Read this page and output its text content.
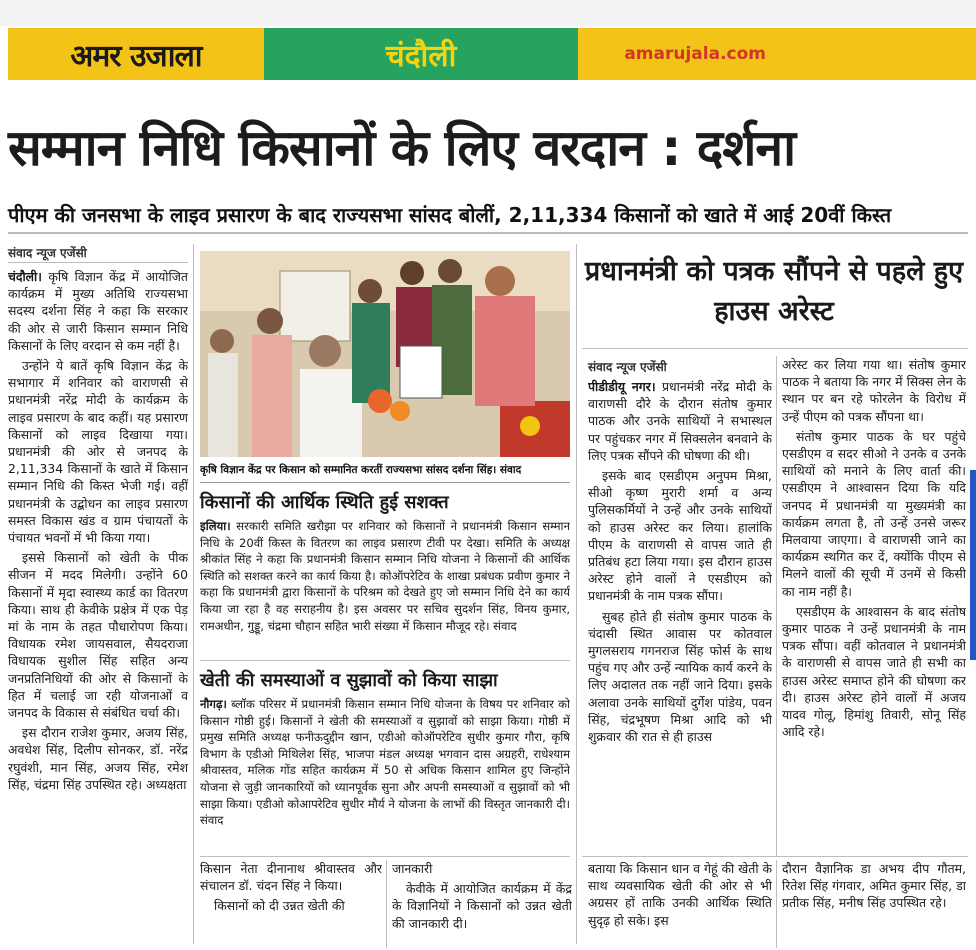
अमर उजाला	चंदौली	amarujala.com
सम्मान निधि किसानों के लिए वरदान : दर्शना
पीएम की जनसभा के लाइव प्रसारण के बाद राज्यसभा सांसद बोलीं, 2,11,334 किसानों को खाते में आई 20वीं किस्त
संवाद न्यूज एजेंसी

चंदौली। कृषि विज्ञान केंद्र में आयोजित कार्यक्रम में मुख्य अतिथि राज्यसभा सदस्य दर्शना सिंह ने कहा कि सरकार की ओर से जारी किसान सम्मान निधि किसानों के लिए वरदान से कम नहीं है।

उन्होंने ये बातें कृषि विज्ञान केंद्र के सभागार में शनिवार को वाराणसी से प्रधानमंत्री नरेंद्र मोदी के कार्यक्रम के लाइव प्रसारण के बाद कहीं। यह प्रसारण किसानों को लाइव दिखाया गया। प्रधानमंत्री की ओर से जनपद के 2,11,334 किसानों के खाते में किसान सम्मान निधि की किस्त भेजी गई। वहीं प्रधानमंत्री के उद्बोधन का लाइव प्रसारण समस्त विकास खंड व ग्राम पंचायतों के पंचायत भवनों में भी किया गया।

इससे किसानों को खेती के पीक सीजन में मदद मिलेगी। उन्होंने 60 किसानों में मृदा स्वास्थ्य कार्ड का वितरण किया। साथ ही केवीके प्रक्षेत्र में एक पेड़ मां के नाम के तहत पौधारोपण किया। विधायक रमेश जायसवाल, सैयदराजा विधायक सुशील सिंह सहित अन्य जनप्रतिनिधियों की ओर से किसानों के हित में चलाई जा रही योजनाओं व जनपद के विकास से संबंधित चर्चा की।

इस दौरान राजेश कुमार, अजय सिंह, अवधेश सिंह, दिलीप सोनकर, डॉ. नरेंद्र रघुवंशी, मान सिंह, अजय सिंह, रमेश सिंह, चंद्रमा सिंह उपस्थित रहे। अध्यक्षता

कृषि विज्ञान केंद्र पर किसान को सम्मानित करतीं राज्यसभा सांसद दर्शना सिंह। संवाद
किसानों की आर्थिक स्थिति हुई सशक्त

इलिया। सरकारी समिति खरौझा पर शनिवार को किसानों ने प्रधानमंत्री किसान सम्मान निधि के 20वीं किस्त के वितरण का लाइव प्रसारण टीवी पर देखा। समिति के अध्यक्ष श्रीकांत सिंह ने कहा कि प्रधानमंत्री किसान सम्मान निधि योजना ने किसानों की आर्थिक स्थिति को सशक्त करने का कार्य किया है। कोऑपरेटिव के शाखा प्रबंधक प्रवीण कुमार ने कहा कि प्रधानमंत्री द्वारा किसानों के परिश्रम को देखते हुए जो सम्मान निधि देने का कार्य किया जा रहा है वह सराहनीय है। इस अवसर पर सचिव सुदर्शन सिंह, विनय कुमार, रामअधीन, गुड्डू, चंद्रमा चौहान सहित भारी संख्या में किसान मौजूद रहे। संवाद

खेती की समस्याओं व सुझावों को किया साझा

नौगढ़। ब्लॉक परिसर में प्रधानमंत्री किसान सम्मान निधि योजना के विषय पर शनिवार को किसान गोष्ठी हुई। किसानों ने खेती की समस्याओं व सुझावों को साझा किया। गोष्ठी में प्रमुख समिति अध्यक्ष फनीऊदुद्दीन खान, एडीओ कोऑपरेटिव सुधीर कुमार गौरा, कृषि विभाग के एडीओ मिथिलेश सिंह, भाजपा मंडल अध्यक्ष भगवान दास अग्रहरी, राधेश्याम श्रीवास्तव, मलिक गोंड सहित कार्यक्रम में 50 से अधिक किसान शामिल हुए जिन्होंने योजना से जुड़ी जानकारियों को ध्यानपूर्वक सुना और अपनी समस्याओं व सुझावों को भी साझा किया। एडीओ कोआपरेटिव सुधीर मौर्य ने योजना के लाभों की विस्तृत जानकारी दी। संवाद

किसान नेता दीनानाथ श्रीवास्तव और संचालन डॉ. चंदन सिंह ने किया।

किसानों को दी उन्नत खेती की

जानकारी

केवीके में आयोजित कार्यक्रम में केंद्र के विज्ञानियों ने किसानों को उन्नत खेती की जानकारी दी।

प्रधानमंत्री को पत्रक सौंपने से पहले हुए हाउस अरेस्ट
संवाद न्यूज एजेंसी

पीडीडीयू नगर। प्रधानमंत्री नरेंद्र मोदी के वाराणसी दौरे के दौरान संतोष कुमार पाठक और उनके साथियों ने सभास्थल पर पहुंचकर नगर में सिक्सलेन बनवाने के लिए पत्रक सौंपने की घोषणा की थी।

इसके बाद एसडीएम अनुपम मिश्रा, सीओ कृष्ण मुरारी शर्मा व अन्य पुलिसकर्मियों ने उन्हें और उनके साथियों को हाउस अरेस्ट कर लिया। हालांकि पीएम के वाराणसी से वापस जाते ही प्रतिबंध हटा लिया गया। इस दौरान हाउस अरेस्ट होने वालों ने एसडीएम को प्रधानमंत्री के नाम पत्रक सौंपा।

सुबह होते ही संतोष कुमार पाठक के चंदासी स्थित आवास पर कोतवाल मुगलसराय गगनराज सिंह फोर्स के साथ पहुंच गए और उन्हें न्यायिक कार्य करने के लिए अदालत तक नहीं जाने दिया। इसके अलावा उनके साथियों दुर्गेश पांडेय, पवन सिंह, चंद्रभूषण मिश्रा आदि को भी शुक्रवार की रात से ही हाउस

अरेस्ट कर लिया गया था। संतोष कुमार पाठक ने बताया कि नगर में सिक्स लेन के स्थान पर बन रहे फोरलेन के विरोध में उन्हें पीएम को पत्रक सौंपना था।

संतोष कुमार पाठक के घर पहुंचे एसडीएम व सदर सीओ ने उनके व उनके साथियों को मनाने के लिए वार्ता की। एसडीएम ने आश्वासन दिया कि यदि जनपद में प्रधानमंत्री या मुख्यमंत्री का कार्यक्रम लगता है, तो उन्हें उनसे जरूर मिलवाया जाएगा। वे वाराणसी जाने का कार्यक्रम स्थगित कर दें, क्योंकि पीएम से मिलने वालों की सूची में उनमें से किसी का नाम नहीं है।

एसडीएम के आश्वासन के बाद संतोष कुमार पाठक ने उन्हें प्रधानमंत्री के नाम पत्रक सौंपा। वहीं कोतवाल ने प्रधानमंत्री के वाराणसी से वापस जाते ही सभी का हाउस अरेस्ट समाप्त होने की घोषणा कर दी। हाउस अरेस्ट होने वालों में अजय यादव गोलू, हिमांशु तिवारी, सोनू सिंह आदि रहे।

बताया कि किसान धान व गेहूं की खेती के साथ व्यवसायिक खेती की ओर से भी अग्रसर हों ताकि उनकी आर्थिक स्थिति सुदृढ़ हो सके। इस

दौरान वैज्ञानिक डा अभय दीप गौतम, रितेश सिंह गंगवार, अमित कुमार सिंह, डा प्रतीक सिंह, मनीष सिंह उपस्थित रहे।
